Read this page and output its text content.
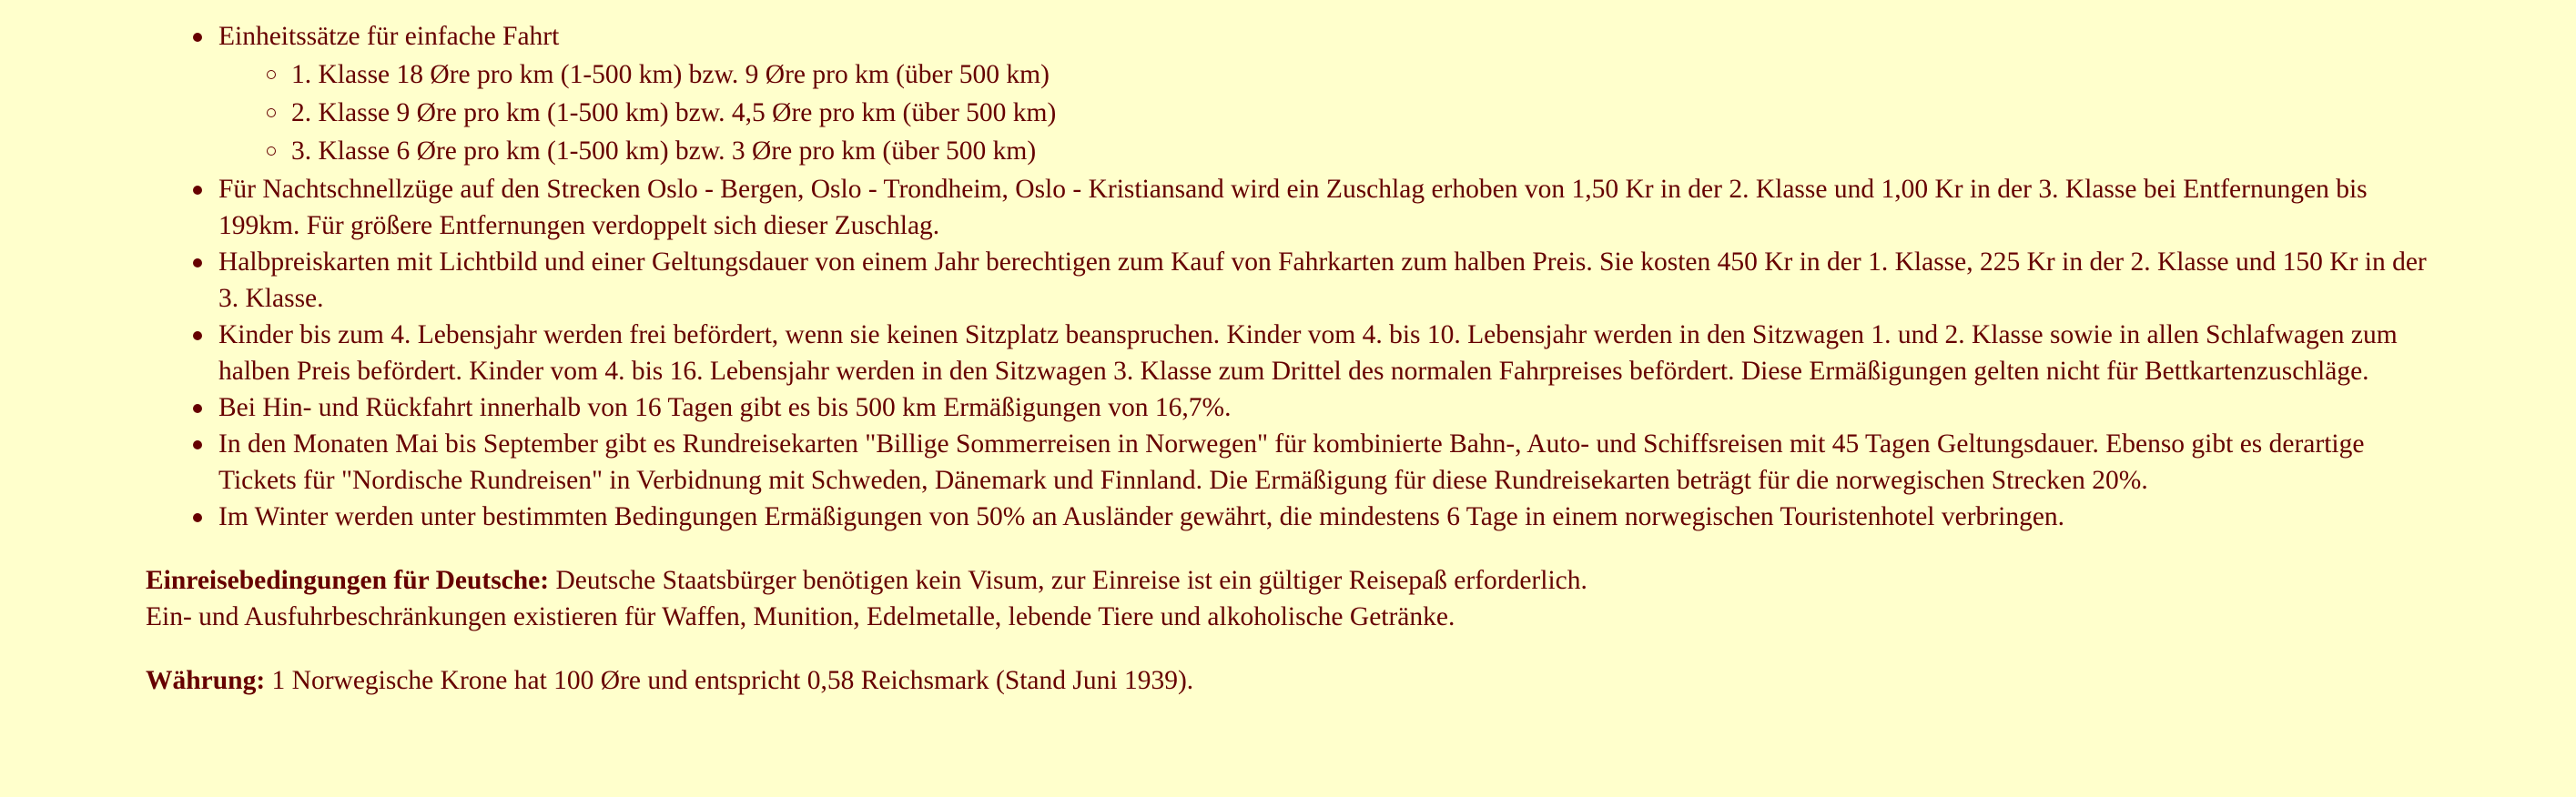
Einheitssätze für einfache Fahrt
1. Klasse 18 Øre pro km (1-500 km) bzw. 9 Øre pro km (über 500 km)
2. Klasse 9 Øre pro km (1-500 km) bzw. 4,5 Øre pro km (über 500 km)
3. Klasse 6 Øre pro km (1-500 km) bzw. 3 Øre pro km (über 500 km)
Für Nachtschnellzüge auf den Strecken Oslo - Bergen, Oslo - Trondheim, Oslo - Kristiansand wird ein Zuschlag erhoben von 1,50 Kr in der 2. Klasse und 1,00 Kr in der 3. Klasse bei Entfernungen bis 199km. Für größere Entfernungen verdoppelt sich dieser Zuschlag.
Halbpreiskarten mit Lichtbild und einer Geltungsdauer von einem Jahr berechtigen zum Kauf von Fahrkarten zum halben Preis. Sie kosten 450 Kr in der 1. Klasse, 225 Kr in der 2. Klasse und 150 Kr in der 3. Klasse.
Kinder bis zum 4. Lebensjahr werden frei befördert, wenn sie keinen Sitzplatz beanspruchen. Kinder vom 4. bis 10. Lebensjahr werden in den Sitzwagen 1. und 2. Klasse sowie in allen Schlafwagen zum halben Preis befördert. Kinder vom 4. bis 16. Lebensjahr werden in den Sitzwagen 3. Klasse zum Drittel des normalen Fahrpreises befördert. Diese Ermäßigungen gelten nicht für Bettkartenzuschläge.
Bei Hin- und Rückfahrt innerhalb von 16 Tagen gibt es bis 500 km Ermäßigungen von 16,7%.
In den Monaten Mai bis September gibt es Rundreisekarten "Billige Sommerreisen in Norwegen" für kombinierte Bahn-, Auto- und Schiffsreisen mit 45 Tagen Geltungsdauer. Ebenso gibt es derartige Tickets für "Nordische Rundreisen" in Verbidnung mit Schweden, Dänemark und Finnland. Die Ermäßigung für diese Rundreisekarten beträgt für die norwegischen Strecken 20%.
Im Winter werden unter bestimmten Bedingungen Ermäßigungen von 50% an Ausländer gewährt, die mindestens 6 Tage in einem norwegischen Touristenhotel verbringen.

Einreisebedingungen für Deutsche: Deutsche Staatsbürger benötigen kein Visum, zur Einreise ist ein gültiger Reisepaß erforderlich.

Ein- und Ausfuhrbeschränkungen existieren für Waffen, Munition, Edelmetalle, lebende Tiere und alkoholische Getränke.

Währung: 1 Norwegische Krone hat 100 Øre und entspricht 0,58 Reichsmark (Stand Juni 1939).
